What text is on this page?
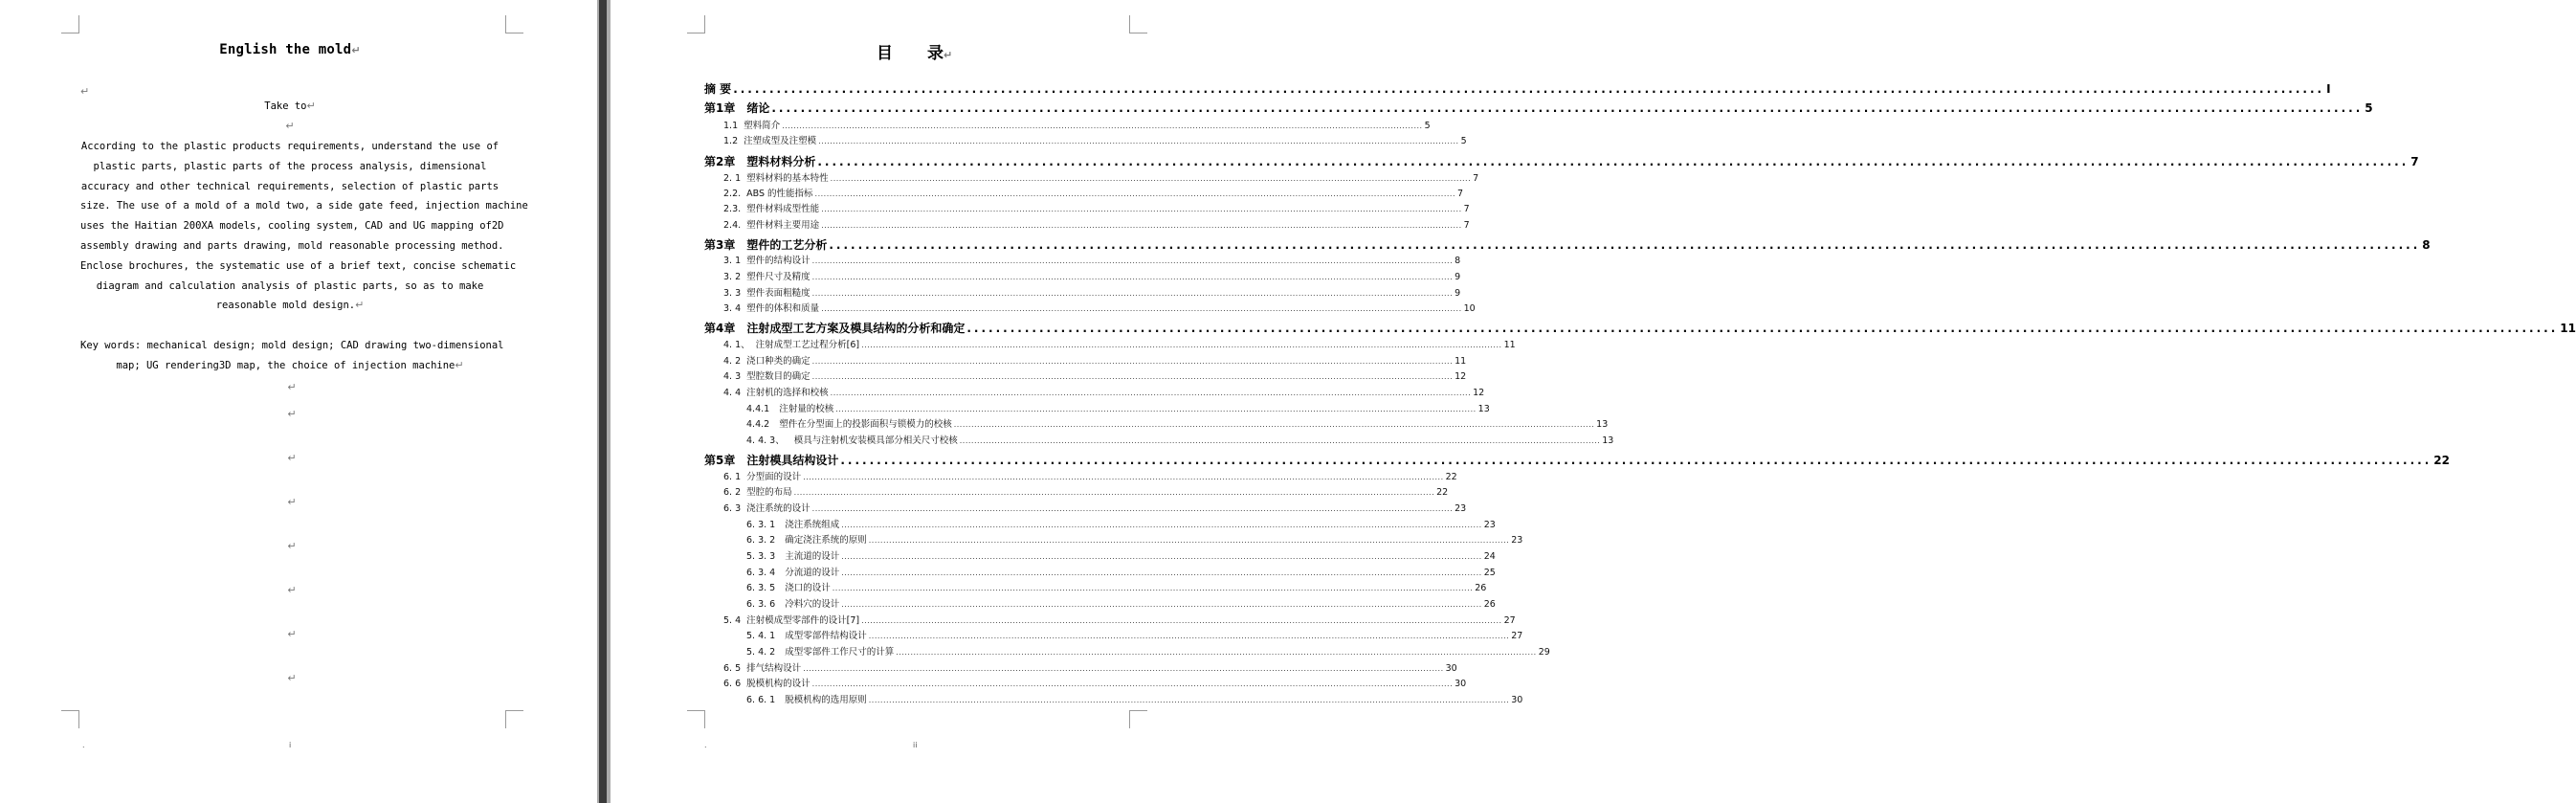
English the mold ↵
↵
Take to ↵
↵
According to the plastic products requirements, understand the use of
plastic parts, plastic parts of the process analysis, dimensional
accuracy and other technical requirements, selection of plastic parts
size. The use of a mold of a mold two, a side gate feed, injection machine
uses the Haitian 200XA models, cooling system, CAD and UG mapping of2D
assembly drawing and parts drawing, mold reasonable processing method.
Enclose brochures, the systematic use of a brief text, concise schematic
diagram and calculation analysis of plastic parts, so as to make
reasonable mold design. ↵
Key words: mechanical design; mold design; CAD drawing two-dimensional
map; UG rendering3D map, the choice of injection machine ↵
↵
↵
↵
↵
↵
↵
↵
↵
.	i
目 录 ↵
摘 要 ............................................................................................................................................................................................................................ I
第1章 绪论 ............................................................................................................................................................................................................................ 5
1.1 塑料简介 ............................................................................................................................................................................................................................ 5
1.2 注塑成型及注塑模 ............................................................................................................................................................................................................................ 5
第2章 塑料材料分析 ............................................................................................................................................................................................................................ 7
2. 1 塑料材料的基本特性 ............................................................................................................................................................................................................................ 7
2.2. ABS 的性能指标 ............................................................................................................................................................................................................................ 7
2.3. 塑件材料成型性能 ............................................................................................................................................................................................................................ 7
2.4. 塑件材料主要用途 ............................................................................................................................................................................................................................ 7
第3章 塑件的工艺分析 ............................................................................................................................................................................................................................ 8
3. 1 塑件的结构设计 ............................................................................................................................................................................................................................ 8
3. 2 塑件尺寸及精度 ............................................................................................................................................................................................................................ 9
3. 3 塑件表面粗糙度 ............................................................................................................................................................................................................................ 9
3. 4 塑件的体积和质量 ............................................................................................................................................................................................................................ 10
第4章 注射成型工艺方案及模具结构的分析和确定 ............................................................................................................................................................................................................................ 11
4. 1、 注射成型工艺过程分析[6] ............................................................................................................................................................................................................................ 11
4. 2 浇口种类的确定 ............................................................................................................................................................................................................................ 11
4. 3 型腔数目的确定 ............................................................................................................................................................................................................................ 12
4. 4 注射机的选择和校核 ............................................................................................................................................................................................................................ 12
4.4.1 注射量的校核 ............................................................................................................................................................................................................................ 13
4.4.2 塑件在分型面上的投影面积与锁模力的校核 ............................................................................................................................................................................................................................ 13
4. 4. 3、 模具与注射机安装模具部分相关尺寸校核 ............................................................................................................................................................................................................................ 13
第5章 注射模具结构设计 ............................................................................................................................................................................................................................ 22
6. 1 分型面的设计 ............................................................................................................................................................................................................................ 22
6. 2 型腔的布局 ............................................................................................................................................................................................................................ 22
6. 3 浇注系统的设计 ............................................................................................................................................................................................................................ 23
6. 3. 1 浇注系统组成 ............................................................................................................................................................................................................................ 23
6. 3. 2 确定浇注系统的原则 ............................................................................................................................................................................................................................ 23
5. 3. 3 主流道的设计 ............................................................................................................................................................................................................................ 24
6. 3. 4 分流道的设计 ............................................................................................................................................................................................................................ 25
6. 3. 5 浇口的设计 ............................................................................................................................................................................................................................ 26
6. 3. 6 冷料穴的设计 ............................................................................................................................................................................................................................ 26
5. 4 注射模成型零部件的设计[7] ............................................................................................................................................................................................................................ 27
5. 4. 1 成型零部件结构设计 ............................................................................................................................................................................................................................ 27
5. 4. 2 成型零部件工作尺寸的计算 ............................................................................................................................................................................................................................ 29
6. 5 排气结构设计 ............................................................................................................................................................................................................................ 30
6. 6 脱模机构的设计 ............................................................................................................................................................................................................................ 30
6. 6. 1 脱模机构的选用原则 ............................................................................................................................................................................................................................ 30
.	ii
